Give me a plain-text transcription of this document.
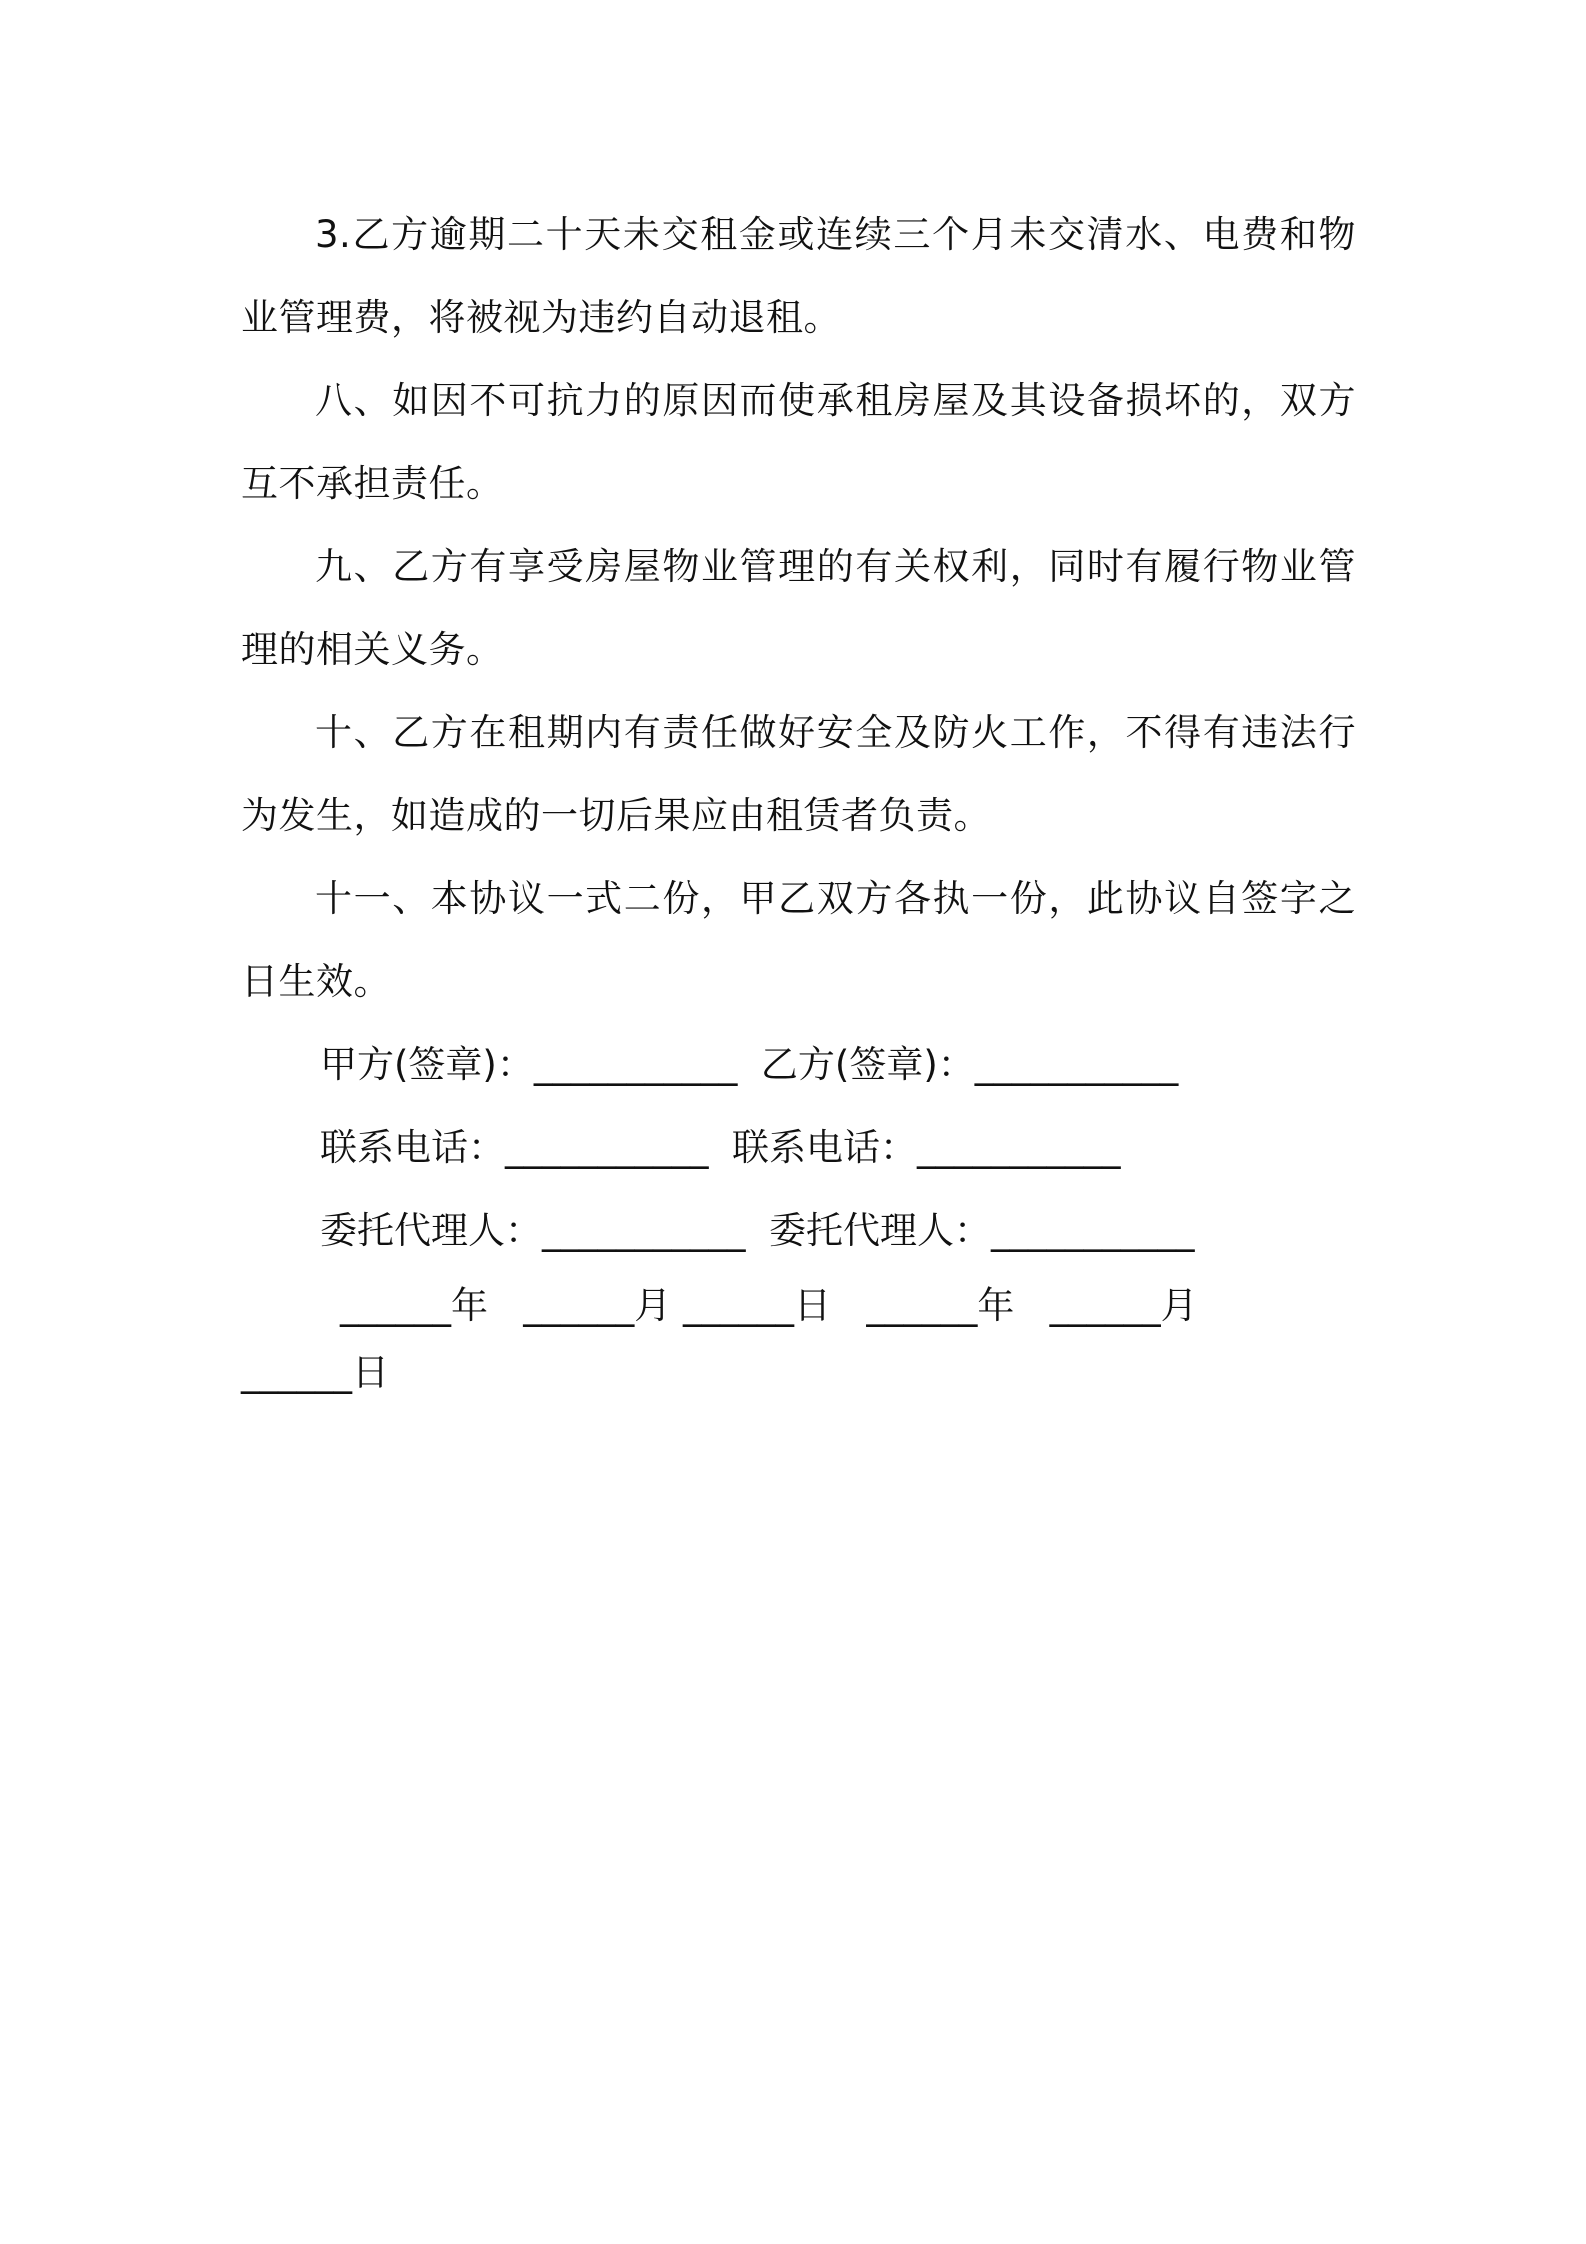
3.乙方逾期二十天未交租金或连续三个月未交清水、电费和物业管理费，将被视为违约自动退租。

八、如因不可抗力的原因而使承租房屋及其设备损坏的，双方互不承担责任。

九、乙方有享受房屋物业管理的有关权利，同时有履行物业管理的相关义务。

十、乙方在租期内有责任做好安全及防火工作，不得有违法行为发生，如造成的一切后果应由租赁者负责。

十一、本协议一式二份，甲乙双方各执一份，此协议自签字之日生效。

甲方(签章)：___________  乙方(签章)：___________

联系电话：___________  联系电话：___________

委托代理人：___________  委托代理人：___________

______年   ______月 ______日   ______年   ______月

______日
